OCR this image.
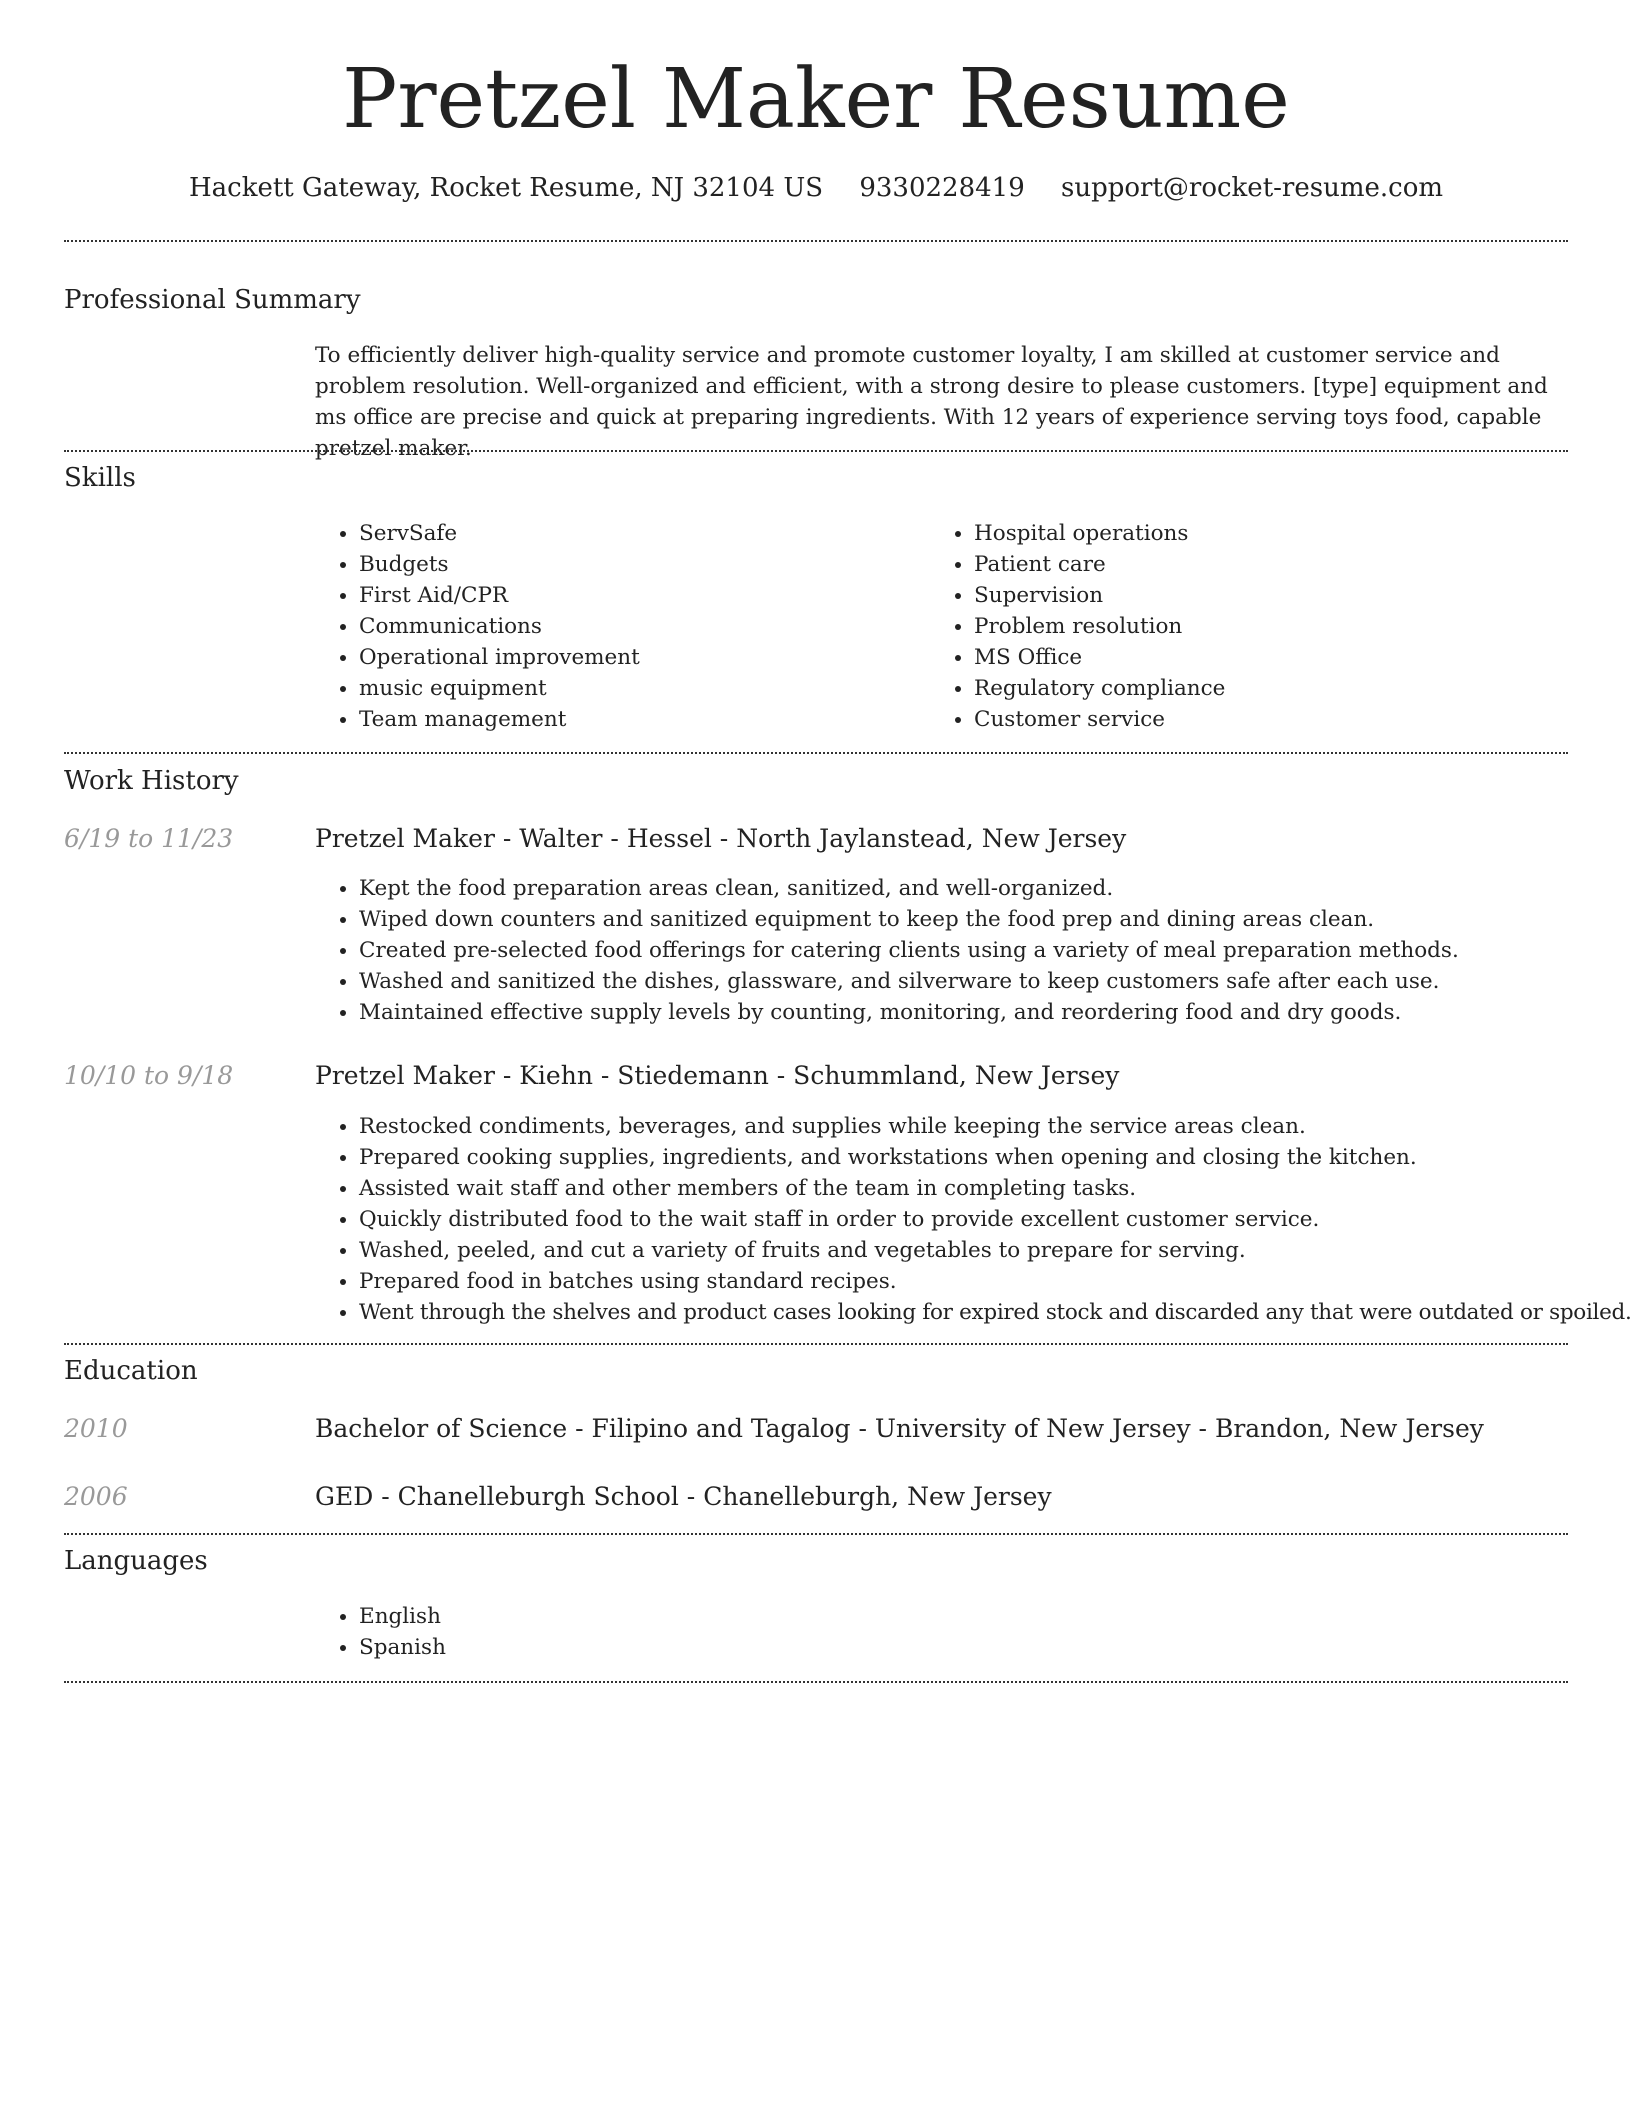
Pretzel Maker Resume
Hackett Gateway, Rocket Resume, NJ 32104 US 9330228419 support@rocket-resume.com
Professional Summary

To efficiently deliver high-quality service and promote customer loyalty, I am skilled at customer service and problem resolution. Well-organized and efficient, with a strong desire to please customers. [type] equipment and ms office are precise and quick at preparing ingredients. With 12 years of experience serving toys food, capable pretzel maker.

Skills
• ServSafe
• Budgets
• First Aid/CPR
• Communications
• Operational improvement
• music equipment
• Team management
• Hospital operations
• Patient care
• Supervision
• Problem resolution
• MS Office
• Regulatory compliance
• Customer service
Work History
6/19 to 11/23	Pretzel Maker - Walter - Hessel - North Jaylanstead, New Jersey
• Kept the food preparation areas clean, sanitized, and well-organized.
• Wiped down counters and sanitized equipment to keep the food prep and dining areas clean.
• Created pre-selected food offerings for catering clients using a variety of meal preparation methods.
• Washed and sanitized the dishes, glassware, and silverware to keep customers safe after each use.
• Maintained effective supply levels by counting, monitoring, and reordering food and dry goods.
10/10 to 9/18	Pretzel Maker - Kiehn - Stiedemann - Schummland, New Jersey
• Restocked condiments, beverages, and supplies while keeping the service areas clean.
• Prepared cooking supplies, ingredients, and workstations when opening and closing the kitchen.
• Assisted wait staff and other members of the team in completing tasks.
• Quickly distributed food to the wait staff in order to provide excellent customer service.
• Washed, peeled, and cut a variety of fruits and vegetables to prepare for serving.
• Prepared food in batches using standard recipes.
• Went through the shelves and product cases looking for expired stock and discarded any that were outdated or spoiled.
Education
2010	Bachelor of Science - Filipino and Tagalog - University of New Jersey - Brandon, New Jersey
2006	GED - Chanelleburgh School - Chanelleburgh, New Jersey
Languages
• English
• Spanish
